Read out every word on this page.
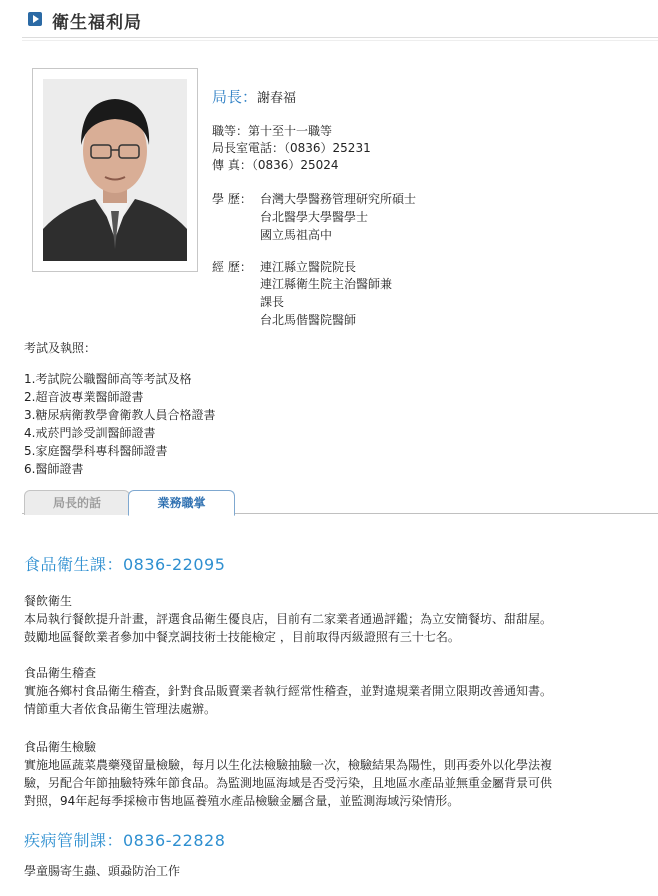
衛生福利局
局長：謝春福
職等：第十至十一職等
局長室電話：（0836）25231
傳 真：（0836）25024
學 歷： 台灣大學醫務管理研究所碩士
台北醫學大學醫學士
國立馬祖高中
經 歷： 連江縣立醫院院長
連江縣衛生院主治醫師兼
課長
台北馬偕醫院醫師
考試及執照：
1.考試院公職醫師高等考試及格
2.超音波專業醫師證書
3.糖尿病衛教學會衛教人員合格證書
4.戒菸門診受訓醫師證書
5.家庭醫學科專科醫師證書
6.醫師證書
局長的話	業務職掌
食品衛生課：0836-22095
餐飲衛生
本局執行餐飲提升計畫，評選食品衛生優良店，目前有二家業者通過評鑑；為立安簡餐坊、甜甜屋。
鼓勵地區餐飲業者參加中餐烹調技術士技能檢定 ，目前取得丙級證照有三十七名。
食品衛生稽查
實施各鄉村食品衛生稽查，針對食品販賣業者執行經常性稽查，並對違規業者開立限期改善通知書。
情節重大者依食品衛生管理法處辦。
食品衛生檢驗
實施地區蔬菜農藥殘留量檢驗，每月以生化法檢驗抽驗一次，檢驗結果為陽性，則再委外以化學法複
驗，另配合年節抽驗特殊年節食品。為監測地區海域是否受污染，且地區水產品並無重金屬背景可供
對照，94年起每季採檢市售地區養殖水產品檢驗金屬含量，並監測海域污染情形。
疾病管制課：0836-22828
學童腸寄生蟲、頭蝨防治工作
